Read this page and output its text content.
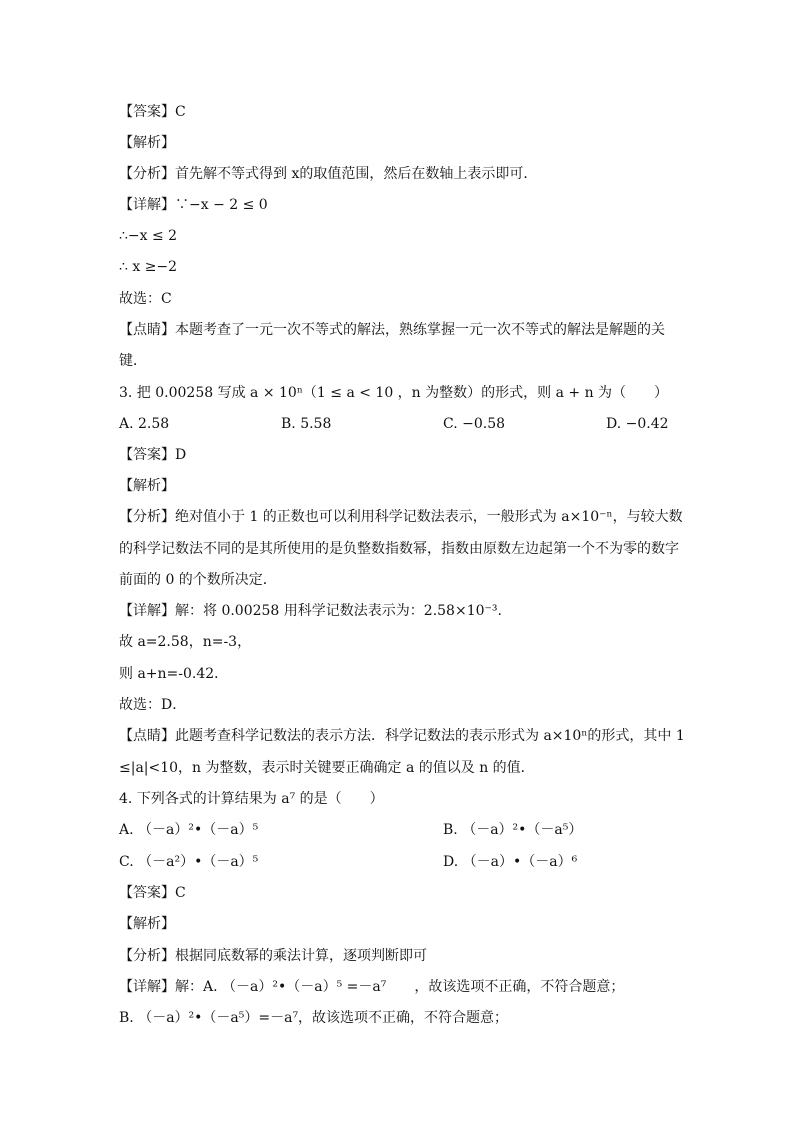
【答案】C
【解析】
【分析】首先解不等式得到 x的取值范围，然后在数轴上表示即可．
【详解】∵−x − 2 ≤ 0
∴−x ≤ 2
∴ x ≥−2
故选：C
【点睛】本题考查了一元一次不等式的解法，熟练掌握一元一次不等式的解法是解题的关
键．
3. 把 0.00258 写成 a × 10ⁿ（1 ≤ a < 10 ，n 为整数）的形式，则 a + n 为（　　）
A. 2.58	B. 5.58	C. −0.58	D. −0.42
【答案】D
【解析】
【分析】绝对值小于 1 的正数也可以利用科学记数法表示，一般形式为 a×10⁻ⁿ，与较大数
的科学记数法不同的是其所使用的是负整数指数幂，指数由原数左边起第一个不为零的数字
前面的 0 的个数所决定．
【详解】解：将 0.00258 用科学记数法表示为：2.58×10⁻³.
故 a=2.58，n=-3，
则 a+n=-0.42．
故选：D．
【点睛】此题考查科学记数法的表示方法．科学记数法的表示形式为 a×10ⁿ的形式，其中 1
≤|a|<10，n 为整数，表示时关键要正确确定 a 的值以及 n 的值．
4. 下列各式的计算结果为 a⁷ 的是（　　）
A. （－a）²•（－a）⁵	B. （－a）²•（－a⁵）
C. （－a²）•（－a）⁵	D. （－a）•（－a）⁶
【答案】C
【解析】
【分析】根据同底数幂的乘法计算，逐项判断即可
【详解】解：A. （－a）²•（－a）⁵ =－a⁷　　，故该选项不正确，不符合题意；
B. （－a）²•（－a⁵）=－a⁷，故该选项不正确，不符合题意；
